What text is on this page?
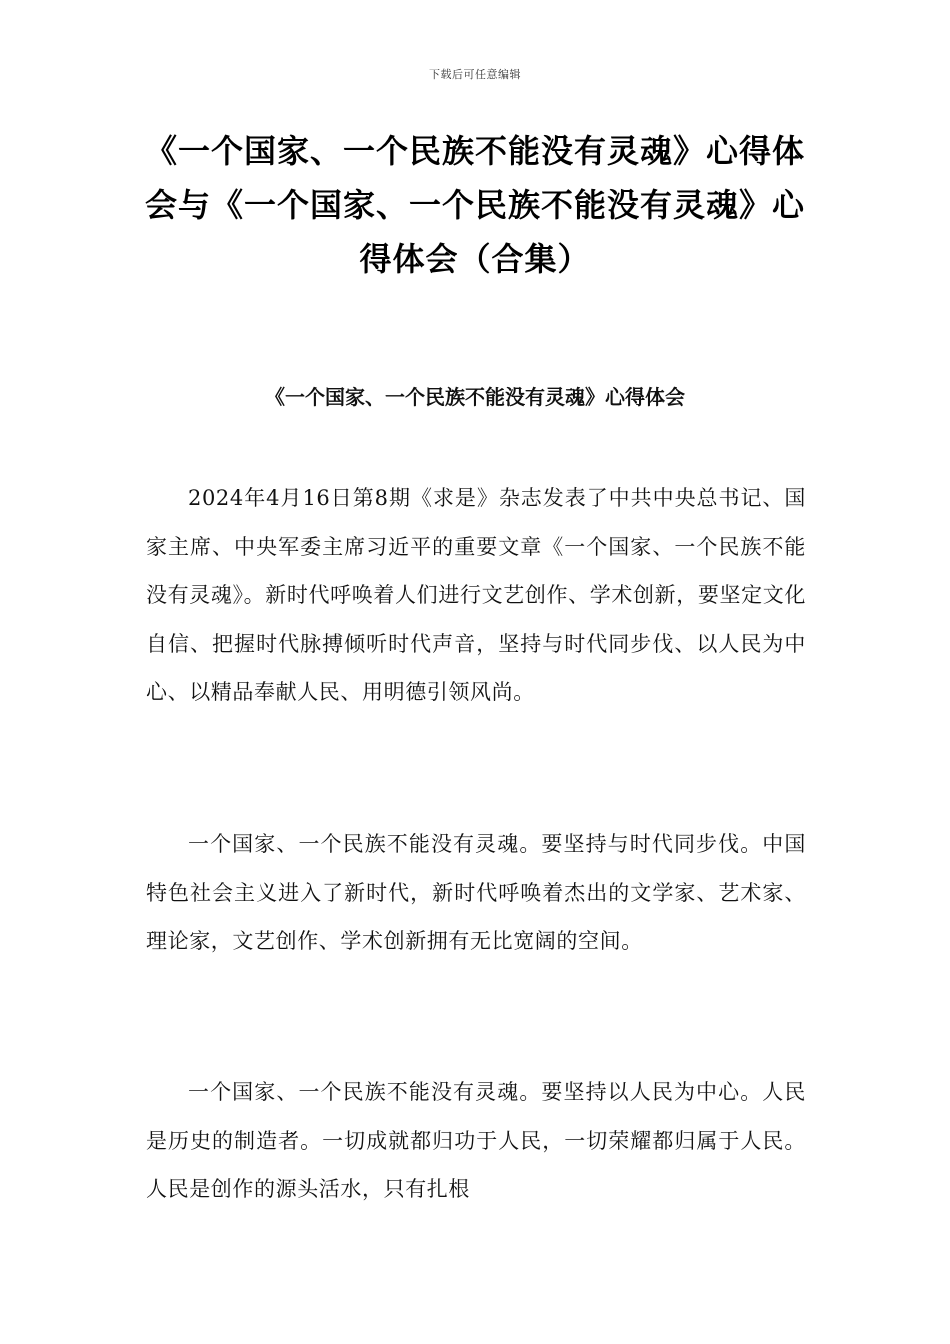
下载后可任意编辑
《一个国家、一个民族不能没有灵魂》心得体会与《一个国家、一个民族不能没有灵魂》心得体会（合集）
《一个国家、一个民族不能没有灵魂》心得体会

2024年4月16日第8期《求是》杂志发表了中共中央总书记、国家主席、中央军委主席习近平的重要文章《一个国家、一个民族不能没有灵魂》。新时代呼唤着人们进行文艺创作、学术创新，要坚定文化自信、把握时代脉搏倾听时代声音，坚持与时代同步伐、以人民为中心、以精品奉献人民、用明德引领风尚。

一个国家、一个民族不能没有灵魂。要坚持与时代同步伐。中国特色社会主义进入了新时代，新时代呼唤着杰出的文学家、艺术家、理论家，文艺创作、学术创新拥有无比宽阔的空间。

一个国家、一个民族不能没有灵魂。要坚持以人民为中心。人民是历史的制造者。一切成就都归功于人民，一切荣耀都归属于人民。人民是创作的源头活水，只有扎根
